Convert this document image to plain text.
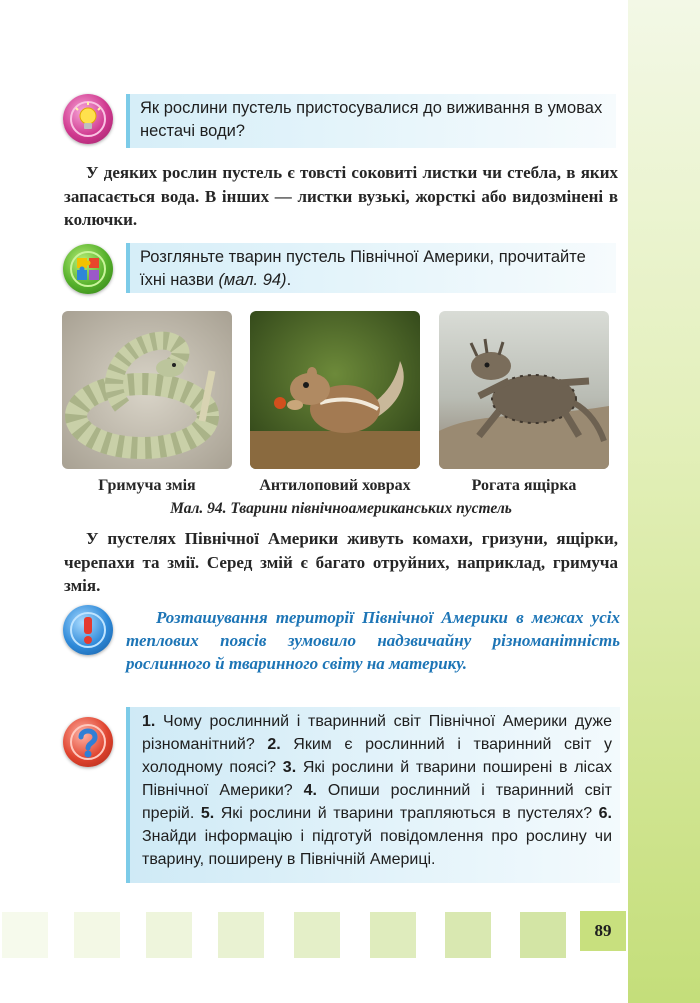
Як рослини пустель пристосувалися до виживання в умовах нестачі води?
У деяких рослин пустель є товсті соковиті листки чи стебла, в яких запасається вода. В інших — листки вузькі, жорсткі або видозмінені в колючки.
Розгляньте тварин пустель Північної Америки, прочитайте їхні назви (мал. 94).
Гримуча змія	Антилоповий ховрах	Рогата ящірка
Мал. 94. Тварини північноамериканських пустель
У пустелях Північної Америки живуть комахи, гризуни, ящірки, черепахи та змії. Серед змій є багато отруйних, наприклад, гримуча змія.
Розташування території Північної Америки в межах усіх теплових поясів зумовило надзвичайну різноманітність рослинного й тваринного світу на материку.
1. Чому рослинний і тваринний світ Північної Америки дуже різноманітний? 2. Яким є рослинний і тваринний світ у холодному поясі? 3. Які рослини й тварини поширені в лісах Північної Америки? 4. Опиши рослинний і тваринний світ прерій. 5. Які рослини й тварини трапляються в пустелях? 6. Знайди інформацію і підготуй повідомлення про рослину чи тварину, поширену в Північній Америці.
89
